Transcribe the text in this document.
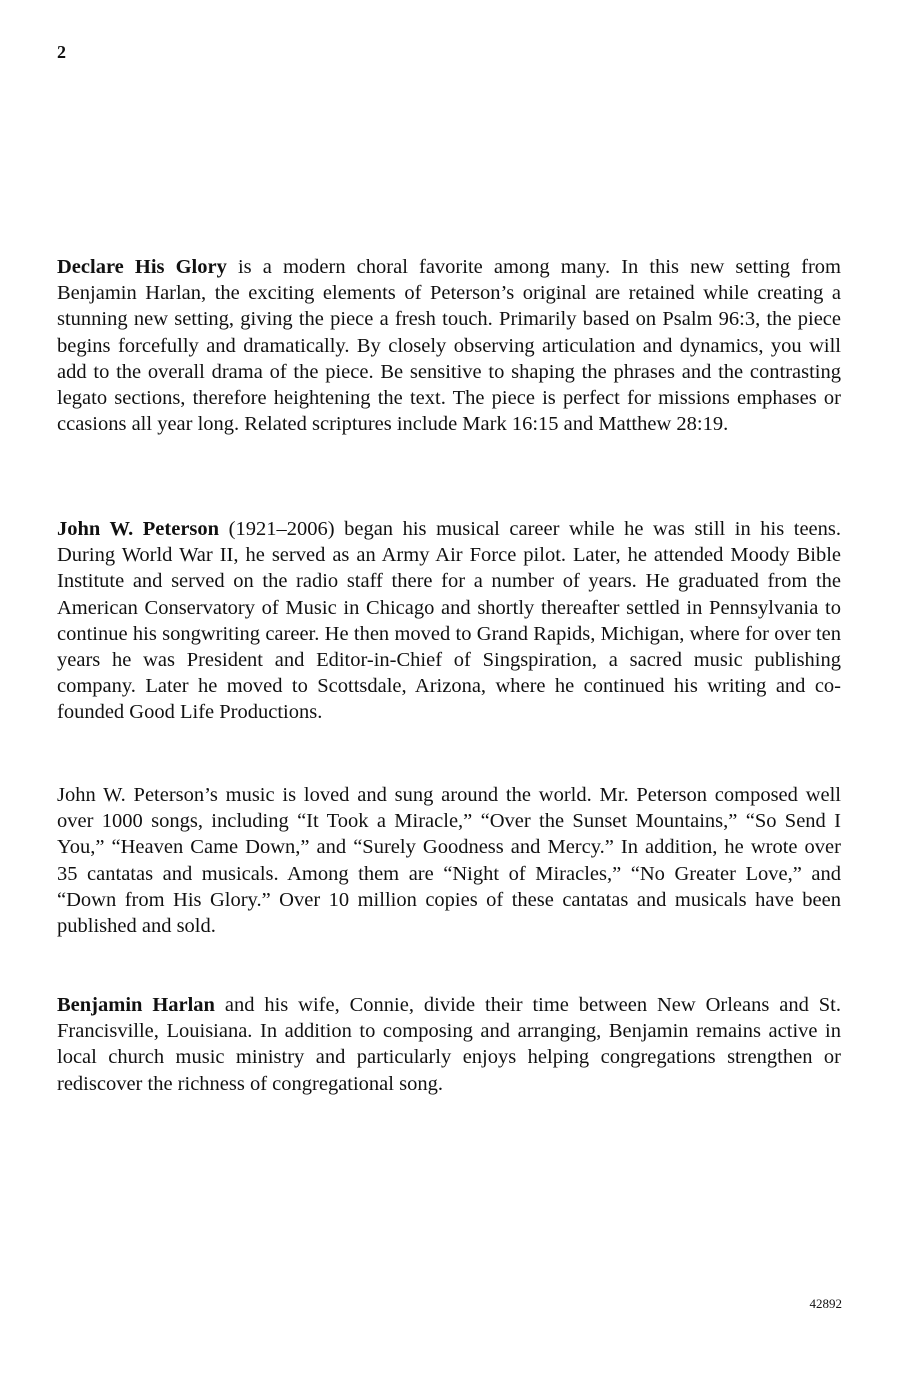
2

Declare His Glory is a modern choral favorite among many. In this new setting from Benjamin Harlan, the exciting elements of Peterson’s original are retained while creating a stunning new setting, giving the piece a fresh touch. Primarily based on Psalm 96:3, the piece begins forcefully and dramatically. By closely observing articulation and dynamics, you will add to the overall drama of the piece. Be sensitive to shaping the phrases and the contrasting legato sections, therefore heightening the text. The piece is perfect for missions emphases or ccasions all year long. Related scriptures include Mark 16:15 and Matthew 28:19.

John W. Peterson (1921–2006) began his musical career while he was still in his teens. During World War II, he served as an Army Air Force pilot. Later, he attended Moody Bible Institute and served on the radio staff there for a number of years. He graduated from the American Conservatory of Music in Chicago and shortly thereafter settled in Pennsylvania to continue his songwriting career. He then moved to Grand Rapids, Michigan, where for over ten years he was President and Editor-in-Chief of Singspiration, a sacred music publishing company. Later he moved to Scottsdale, Arizona, where he continued his writing and co-founded Good Life Productions.

John W. Peterson’s music is loved and sung around the world. Mr. Peterson composed well over 1000 songs, including “It Took a Miracle,” “Over the Sunset Mountains,” “So Send I You,” “Heaven Came Down,” and “Surely Goodness and Mercy.” In addition, he wrote over 35 cantatas and musicals. Among them are “Night of Miracles,” “No Greater Love,” and “Down from His Glory.” Over 10 million copies of these cantatas and musicals have been published and sold.

Benjamin Harlan and his wife, Connie, divide their time between New Orleans and St. Francisville, Louisiana. In addition to composing and arranging, Benjamin remains active in local church music ministry and particularly enjoys helping congregations strengthen or rediscover the richness of congregational song.

42892
